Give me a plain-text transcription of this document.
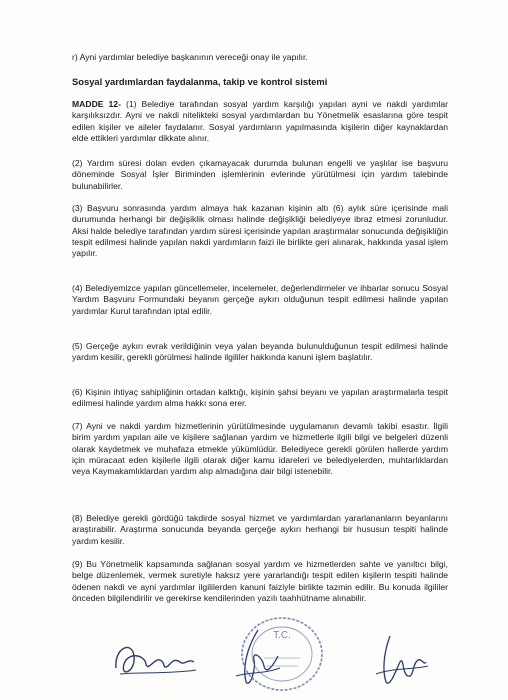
r) Ayni yardımlar belediye başkanının vereceği onay ile yapılır.

Sosyal yardımlardan faydalanma, takip ve kontrol sistemi

MADDE 12- (1) Belediye tarafından sosyal yardım karşılığı yapılan ayni ve nakdi yardımlar karşılıksızdır. Ayni ve nakdi nitelikteki sosyal yardımlardan bu Yönetmelik esaslarına göre tespit edilen kişiler ve aileler faydalanır. Sosyal yardımların yapılmasında kişilerin diğer kaynaklardan elde ettikleri yardımlar dikkate alınır.

(2) Yardım süresi dolan evden çıkamayacak durumda bulunan engelli ve yaşlılar ise başvuru döneminde Sosyal İşler Biriminden işlemlerinin evlerinde yürütülmesi için yardım talebinde bulunabilirler.

(3) Başvuru sonrasında yardım almaya hak kazanan kişinin altı (6) aylık süre içerisinde mali durumunda herhangi bir değişiklik olması halinde değişikliği belediyeye ibraz etmesi zorunludur. Aksi halde belediye tarafından yardım süresi içerisinde yapılan araştırmalar sonucunda değişikliğin tespit edilmesi halinde yapılan nakdi yardımların faizi ile birlikte geri alınarak, hakkında yasal işlem yapılır.

(4) Belediyemizce yapılan güncellemeler, incelemeler, değerlendirmeler ve ihbarlar sonucu Sosyal Yardım Başvuru Formundaki beyanın gerçeğe aykırı olduğunun tespit edilmesi halinde yapılan yardımlar Kurul tarafından iptal edilir.

(5) Gerçeğe aykırı evrak verildiğinin veya yalan beyanda bulunulduğunun tespit edilmesi halinde yardım kesilir, gerekli görülmesi halinde ilgililer hakkında kanuni işlem başlatılır.

(6) Kişinin ihtiyaç sahipliğinin ortadan kalktığı, kişinin şahsi beyanı ve yapılan araştırmalarla tespit edilmesi halinde yardım alma hakkı sona erer.

(7) Ayni ve nakdi yardım hizmetlerinin yürütülmesinde uygulamanın devamlı takibi esastır. İlgili birim yardım yapılan aile ve kişilere sağlanan yardım ve hizmetlerle ilgili bilgi ve belgeleri düzenli olarak kaydetmek ve muhafaza etmekle yükümlüdür. Belediyece gerekli görülen hallerde yardım için müracaat eden kişilerle ilgili olarak diğer kamu idareleri ve belediyelerden, muhtarlıklardan veya Kaymakamlıklardan yardım alıp almadığına dair bilgi istenebilir.

(8) Belediye gerekli gördüğü takdirde sosyal hizmet ve yardımlardan yararlananların beyanlarını araştırabilir. Araştırma sonucunda beyanda gerçeğe aykırı herhangi bir hususun tespiti halinde yardım kesilir.

(9) Bu Yönetmelik kapsamında sağlanan sosyal yardım ve hizmetlerden sahte ve yanıltıcı bilgi, belge düzenlemek, vermek suretiyle haksız yere yararlandığı tespit edilen kişilerin tespiti halinde ödenen nakdi ve ayni yardımlar ilgililerden kanuni faiziyle birlikte tazmin edilir. Bu konuda ilgililer önceden bilgilendirilir ve gerekirse kendilerinden yazılı taahhütname alınabilir.

T.C.
